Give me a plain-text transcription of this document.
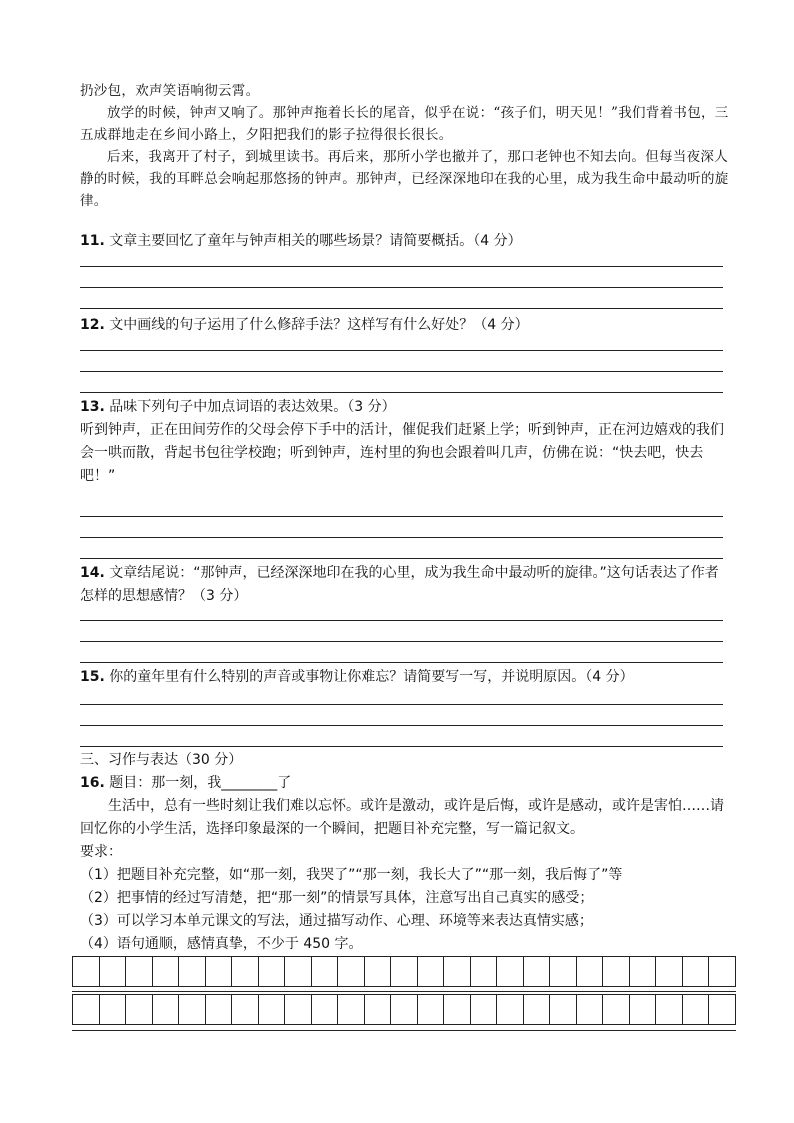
扔沙包，欢声笑语响彻云霄。

放学的时候，钟声又响了。那钟声拖着长长的尾音，似乎在说：“孩子们，明天见！”我们背着书包，三五成群地走在乡间小路上，夕阳把我们的影子拉得很长很长。

后来，我离开了村子，到城里读书。再后来，那所小学也撤并了，那口老钟也不知去向。但每当夜深人静的时候，我的耳畔总会响起那悠扬的钟声。那钟声，已经深深地印在我的心里，成为我生命中最动听的旋律。

11. 文章主要回忆了童年与钟声相关的哪些场景？请简要概括。（4 分）
12. 文中画线的句子运用了什么修辞手法？这样写有什么好处？（4 分）
13. 品味下列句子中加点词语的表达效果。（3 分）
听到钟声，正在田间劳作的父母会停下手中的活计，催促我们赶紧上学；听到钟声，正在河边嬉戏的我们会一哄而散，背起书包往学校跑；听到钟声，连村里的狗也会跟着叫几声，仿佛在说：“快去吧，快去吧！”
14. 文章结尾说：“那钟声，已经深深地印在我的心里，成为我生命中最动听的旋律。”这句话表达了作者怎样的思想感情？（3 分）
15. 你的童年里有什么特别的声音或事物让你难忘？请简要写一写，并说明原因。（4 分）
三、习作与表达（30 分）
16. 题目：那一刻，我________了
生活中，总有一些时刻让我们难以忘怀。或许是激动，或许是后悔，或许是感动，或许是害怕……请回忆你的小学生活，选择印象最深的一个瞬间，把题目补充完整，写一篇记叙文。
要求：
（1）把题目补充完整，如“那一刻，我哭了”“那一刻，我长大了”“那一刻，我后悔了”等
（2）把事情的经过写清楚，把“那一刻”的情景写具体，注意写出自己真实的感受；
（3）可以学习本单元课文的写法，通过描写动作、心理、环境等来表达真情实感；
（4）语句通顺，感情真挚，不少于 450 字。
